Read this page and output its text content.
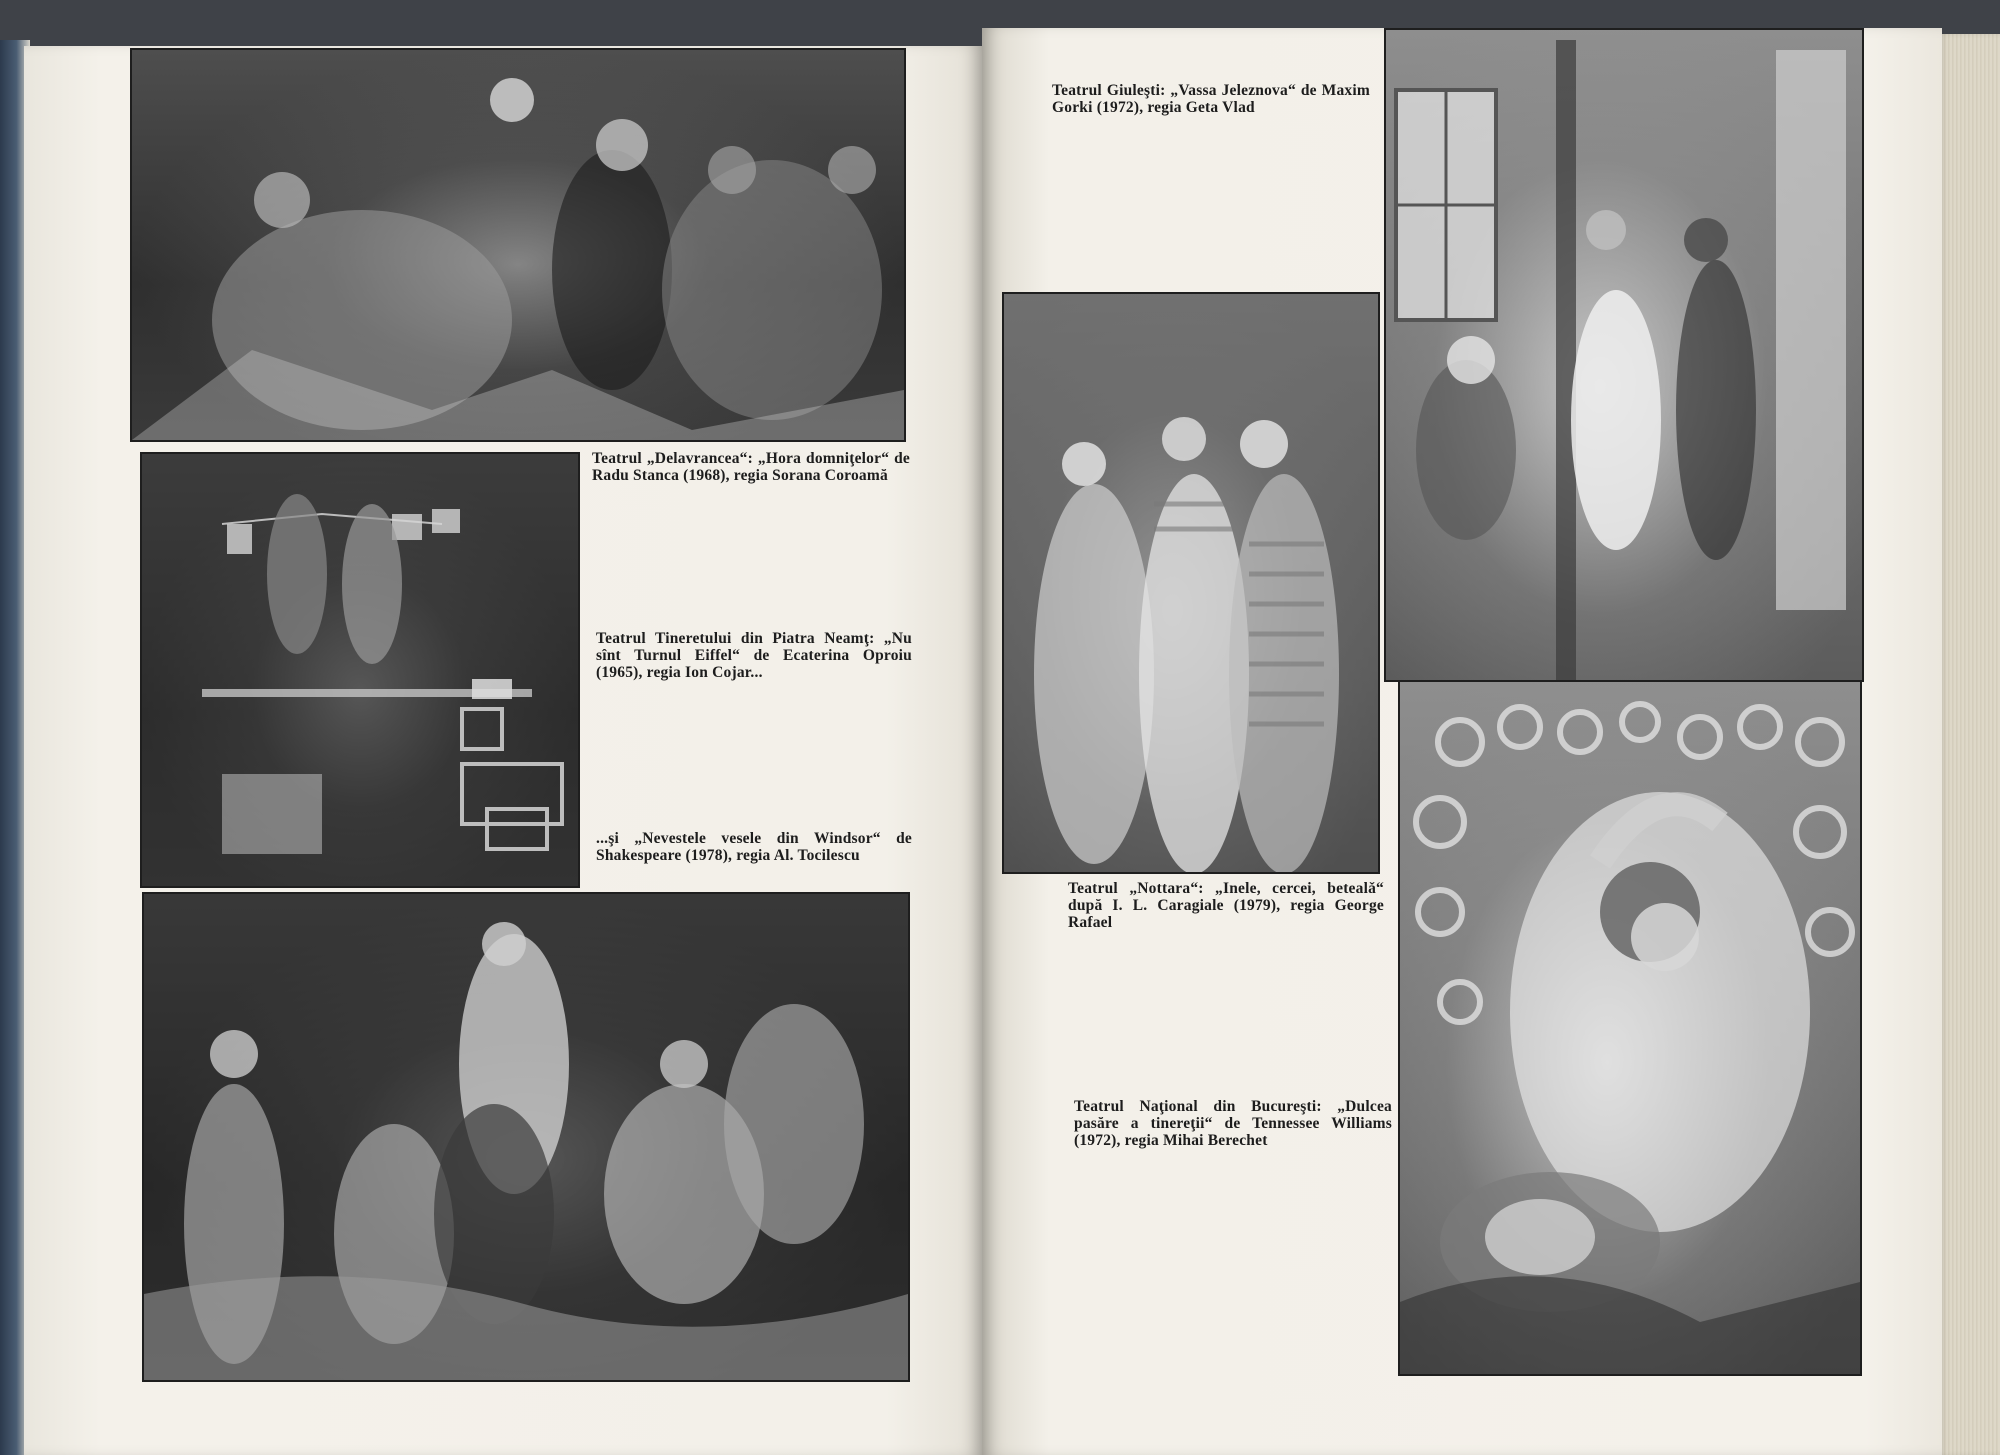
Teatrul „Delavrancea“: „Hora domniţelor“ de Radu Stanca (1968), regia Sorana Coroamă
Teatrul Tineretului din Piatra Neamţ: „Nu sînt Turnul Eiffel“ de Ecaterina Oproiu (1965), regia Ion Cojar...
...şi „Nevestele vesele din Windsor“ de Shakespeare (1978), regia Al. Tocilescu
Teatrul Giuleşti: „Vassa Jeleznova“ de Maxim Gorki (1972), regia Geta Vlad
Teatrul „Nottara“: „Inele, cercei, betealǎ“ după I. L. Caragiale (1979), regia George Rafael
Teatrul Naţional din Bucureşti: „Dulcea pasăre a tinereţii“ de Tennessee Williams (1972), regia Mihai Berechet
